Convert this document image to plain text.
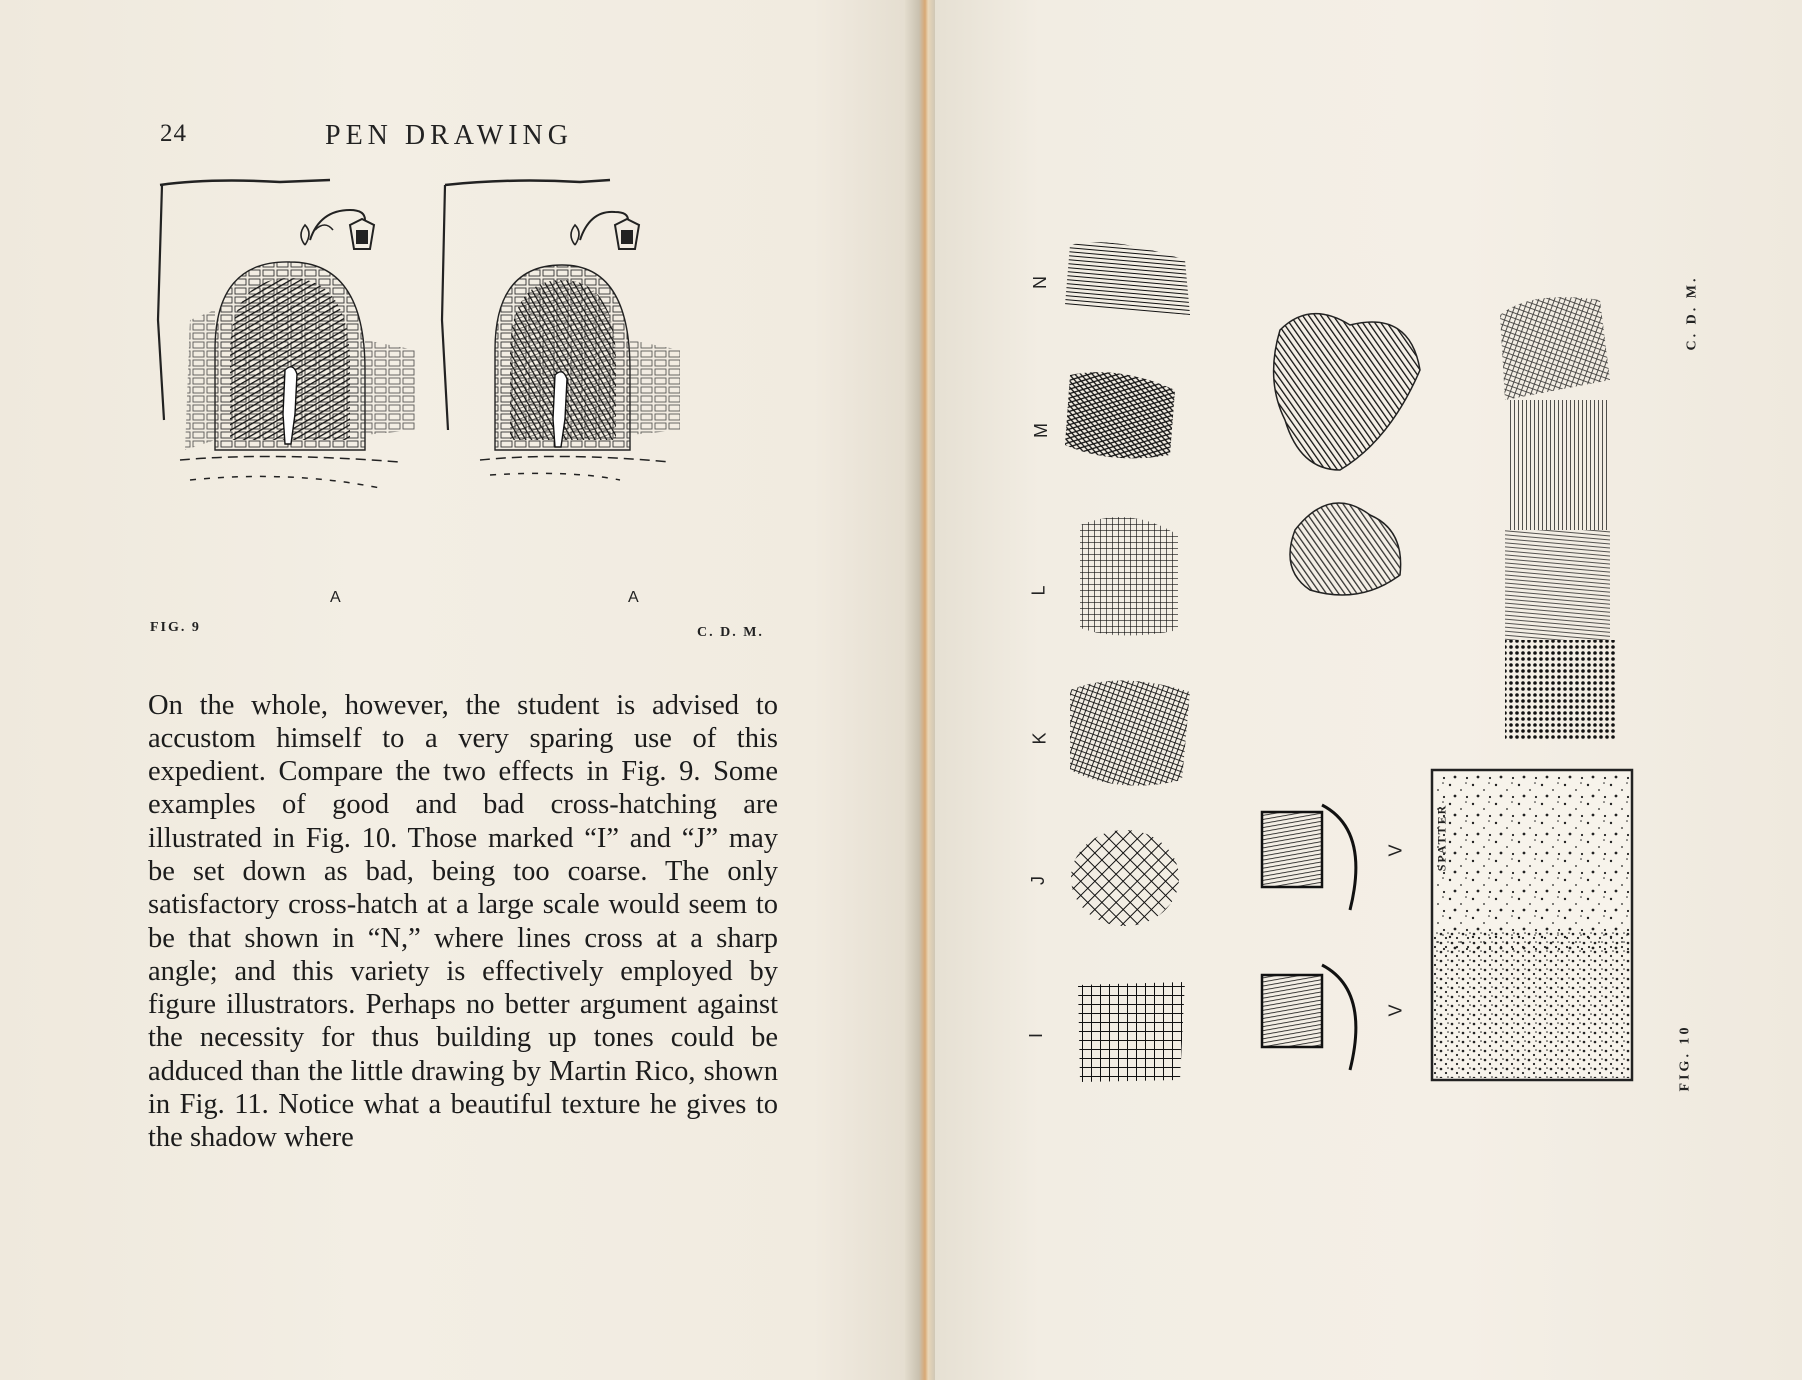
24	PEN DRAWING
A	A
FIG. 9	C. D. M.

On the whole, however, the student is advised to accustom himself to a very sparing use of this expedient. Compare the two effects in Fig. 9. Some examples of good and bad cross-hatching are illustrated in Fig. 10. Those marked “I” and “J” may be set down as bad, being too coarse. The only satisfactory cross-hatch at a large scale would seem to be that shown in “N,” where lines cross at a sharp angle; and this variety is effectively employed by figure illustrators. Perhaps no better argument against the necessity for thus building up tones could be adduced than the little drawing by Martin Rico, shown in Fig. 11. Notice what a beautiful texture he gives to the shadow where

N
M
L
K
J
I
V
V
SPATTER
FIG. 10
C. D. M.
